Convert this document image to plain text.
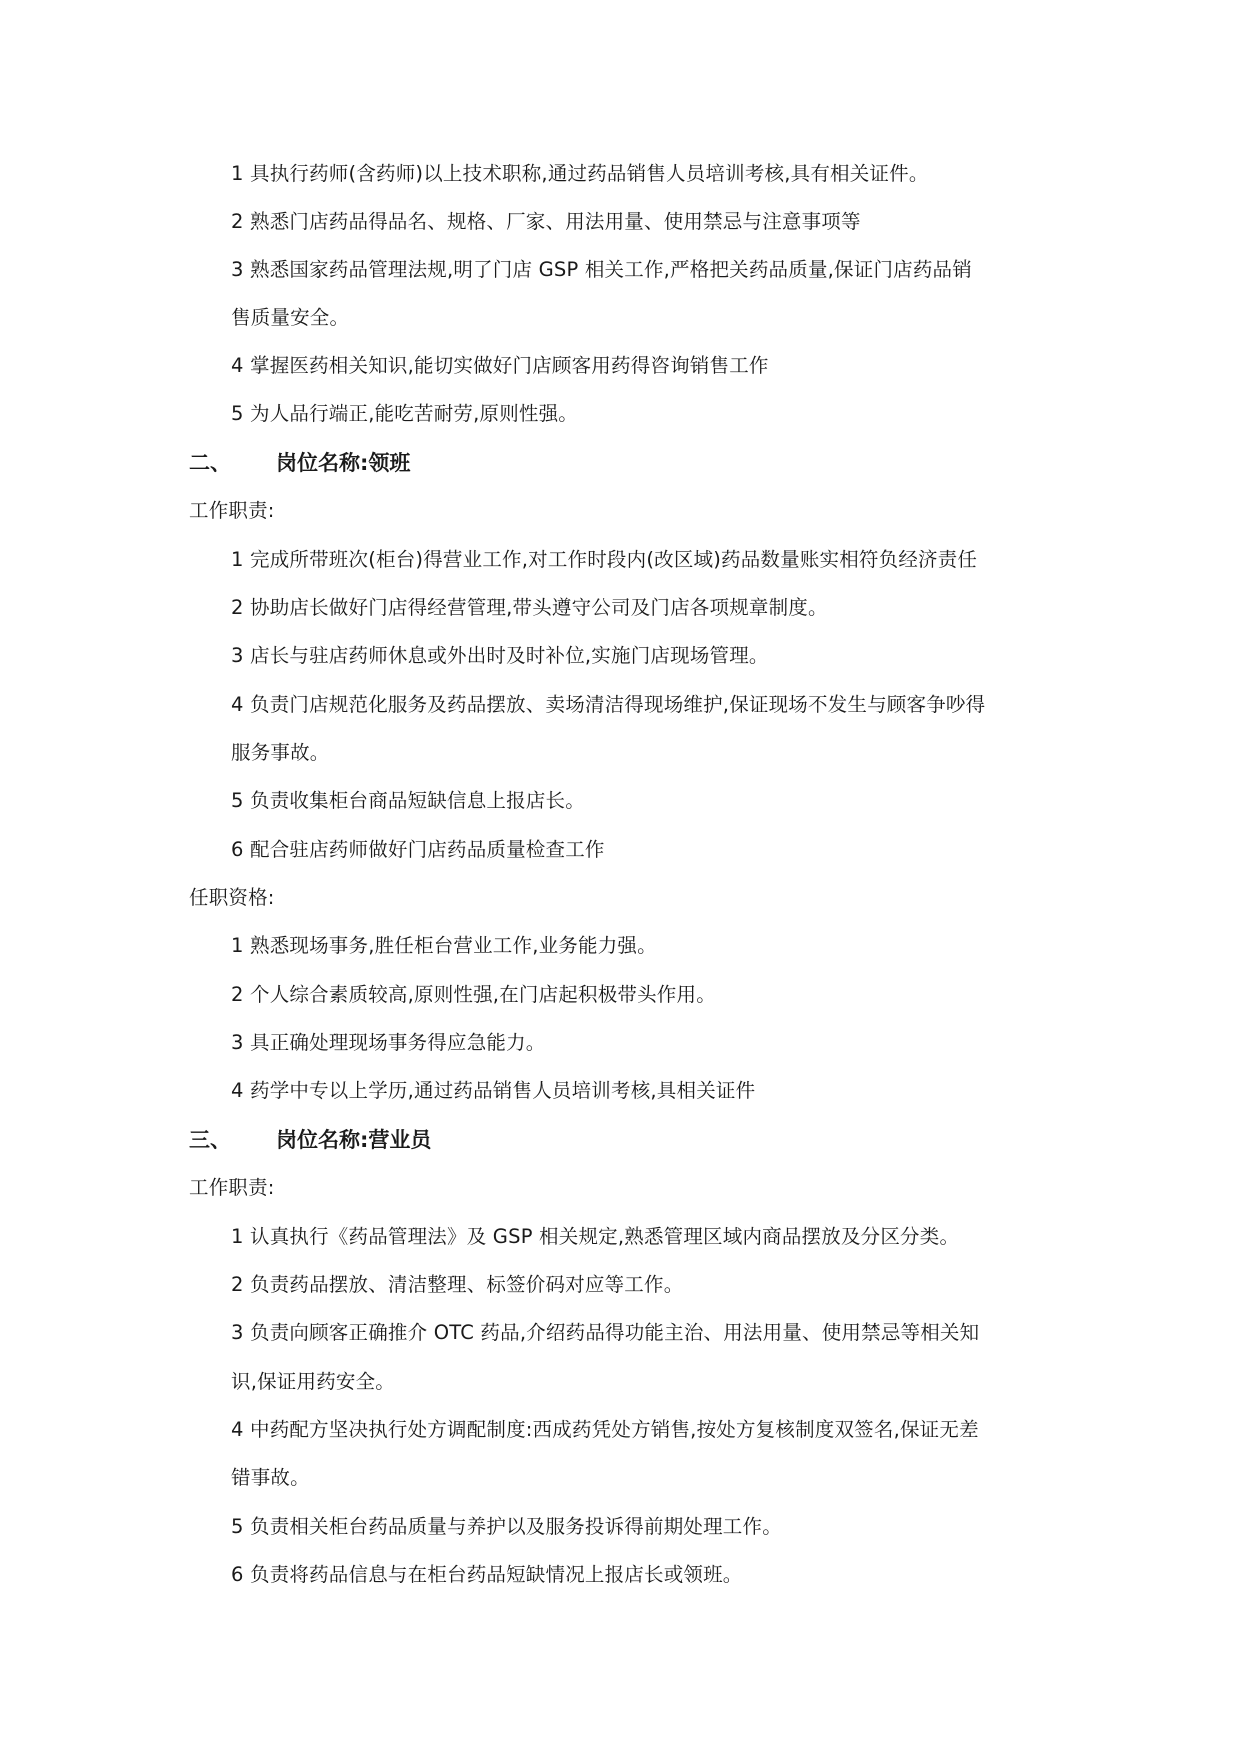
1 具执行药师(含药师)以上技术职称,通过药品销售人员培训考核,具有相关证件。
2 熟悉门店药品得品名、规格、厂家、用法用量、使用禁忌与注意事项等
3 熟悉国家药品管理法规,明了门店 GSP 相关工作,严格把关药品质量,保证门店药品销
售质量安全。
4 掌握医药相关知识,能切实做好门店顾客用药得咨询销售工作
5 为人品行端正,能吃苦耐劳,原则性强。
二、 岗位名称:领班
工作职责:
1 完成所带班次(柜台)得营业工作,对工作时段内(改区域)药品数量账实相符负经济责任
2 协助店长做好门店得经营管理,带头遵守公司及门店各项规章制度。
3 店长与驻店药师休息或外出时及时补位,实施门店现场管理。
4 负责门店规范化服务及药品摆放、卖场清洁得现场维护,保证现场不发生与顾客争吵得
服务事故。
5 负责收集柜台商品短缺信息上报店长。
6 配合驻店药师做好门店药品质量检查工作
任职资格:
1 熟悉现场事务,胜任柜台营业工作,业务能力强。
2 个人综合素质较高,原则性强,在门店起积极带头作用。
3 具正确处理现场事务得应急能力。
4 药学中专以上学历,通过药品销售人员培训考核,具相关证件
三、 岗位名称:营业员
工作职责:
1 认真执行《药品管理法》及 GSP 相关规定,熟悉管理区域内商品摆放及分区分类。
2 负责药品摆放、清洁整理、标签价码对应等工作。
3 负责向顾客正确推介 OTC 药品,介绍药品得功能主治、用法用量、使用禁忌等相关知
识,保证用药安全。
4 中药配方坚决执行处方调配制度:西成药凭处方销售,按处方复核制度双签名,保证无差
错事故。
5 负责相关柜台药品质量与养护以及服务投诉得前期处理工作。
6 负责将药品信息与在柜台药品短缺情况上报店长或领班。
